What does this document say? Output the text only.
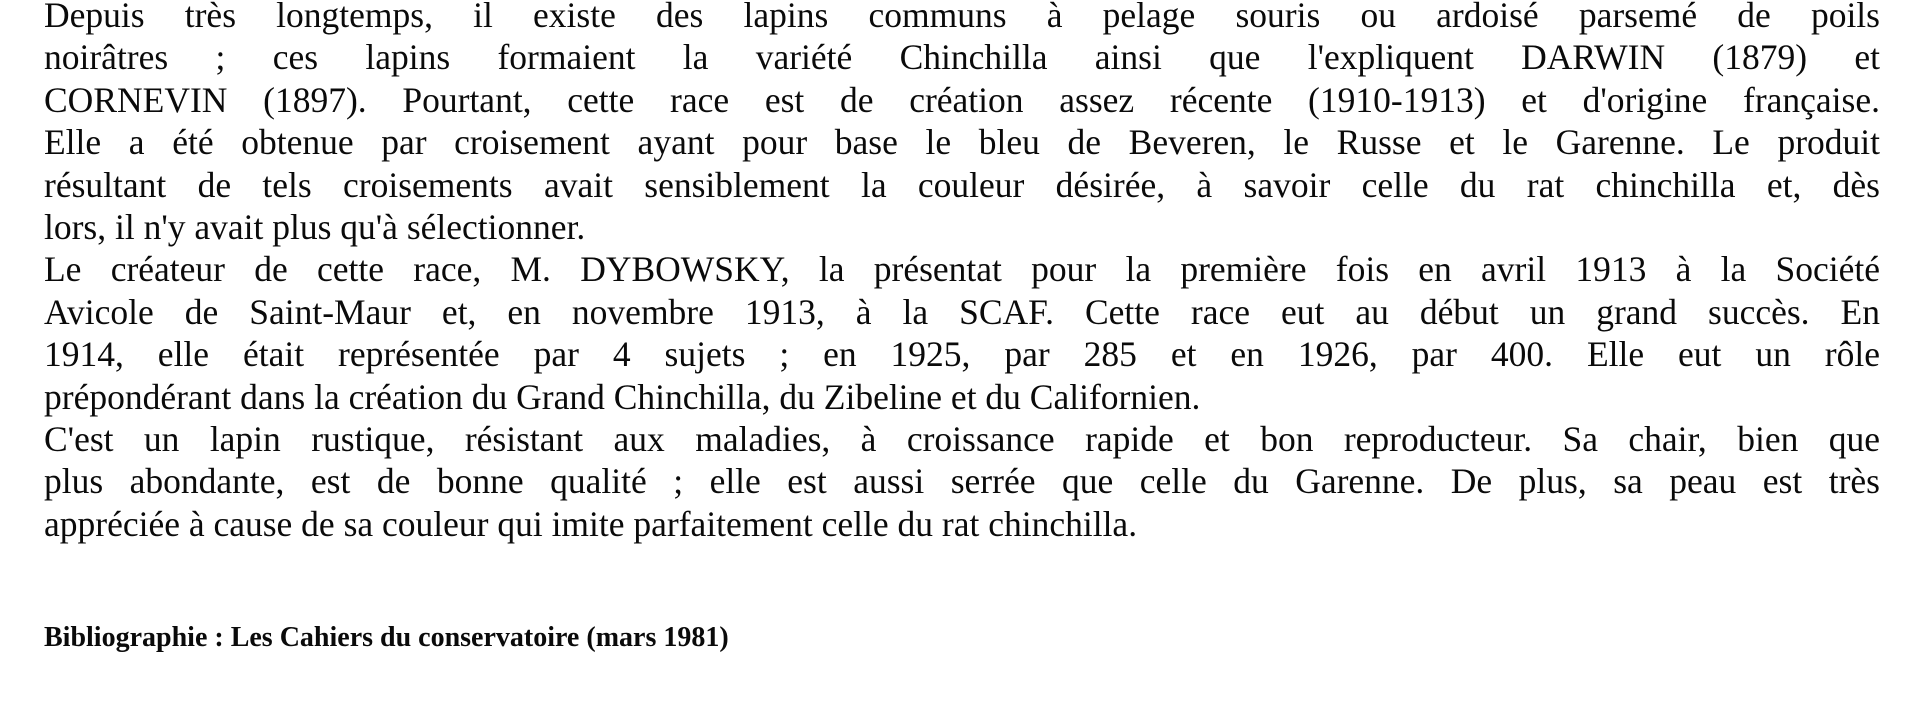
Depuis très longtemps, il existe des lapins communs à pelage souris ou ardoisé parsemé de poils
noirâtres ; ces lapins formaient la variété Chinchilla ainsi que l'expliquent DARWIN (1879) et
CORNEVIN (1897). Pourtant, cette race est de création assez récente (1910-1913) et d'origine française.
Elle a été obtenue par croisement ayant pour base le bleu de Beveren, le Russe et le Garenne. Le produit
résultant de tels croisements avait sensiblement la couleur désirée, à savoir celle du rat chinchilla et, dès
lors, il n'y avait plus qu'à sélectionner.

Le créateur de cette race, M. DYBOWSKY, la présentat pour la première fois en avril 1913 à la Société
Avicole de Saint-Maur et, en novembre 1913, à la SCAF. Cette race eut au début un grand succès. En
1914, elle était représentée par 4 sujets ; en 1925, par 285 et en 1926, par 400. Elle eut un rôle
prépondérant dans la création du Grand Chinchilla, du Zibeline et du Californien.

C'est un lapin rustique, résistant aux maladies, à croissance rapide et bon reproducteur. Sa chair, bien que
plus abondante, est de bonne qualité ; elle est aussi serrée que celle du Garenne. De plus, sa peau est très
appréciée à cause de sa couleur qui imite parfaitement celle du rat chinchilla.

Bibliographie : Les Cahiers du conservatoire (mars 1981)
